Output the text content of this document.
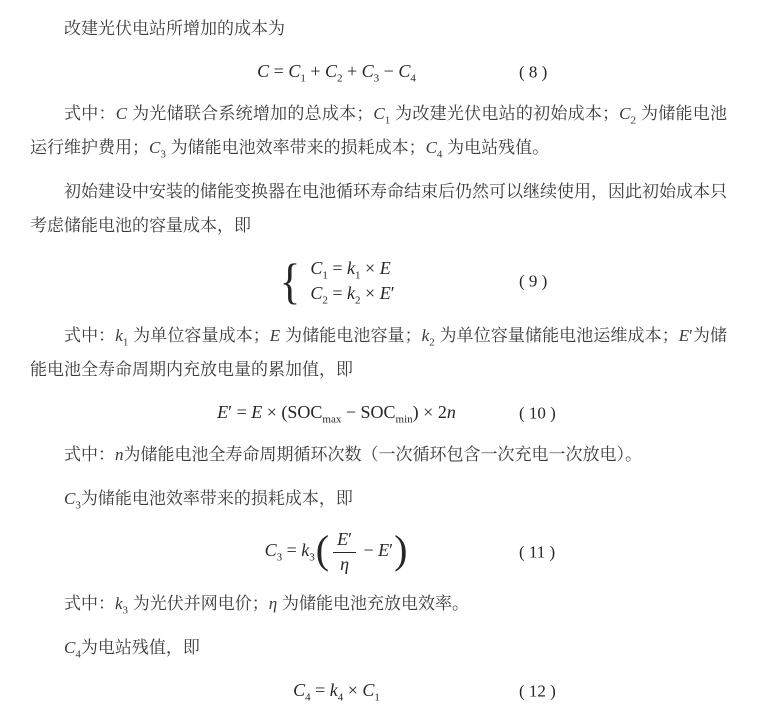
改建光伏电站所增加的成本为

$C = C_1 + C_2 + C_3 - C_4$	( 8 )

式中：C 为光储联合系统增加的总成本；$C_1$ 为改建光伏电站的初始成本；$C_2$ 为储能电池运行维护费用；$C_3$ 为储能电池效率带来的损耗成本；$C_4$ 为电站残值。

初始建设中安装的储能变换器在电池循环寿命结束后仍然可以继续使用，因此初始成本只考虑储能电池的容量成本，即

{ $C_1 = k_1 \times E$
$C_2 = k_2 \times E'$
( 9 )

式中：$k_1$ 为单位容量成本；E 为储能电池容量；$k_2$ 为单位容量储能电池运维成本；E′为储能电池全寿命周期内充放电量的累加值，即

$E' = E \times (SOC_{max} - SOC_{min}) \times 2n$	( 10 )

式中：n为储能电池全寿命周期循环次数（一次循环包含一次充电一次放电）。

$C_3$为储能电池效率带来的损耗成本，即

$C_3 = k_3( \frac{E'}{\eta} - E')$	( 11 )

式中：$k_3$ 为光伏并网电价；η 为储能电池充放电效率。

$C_4$为电站残值，即

$C_4 = k_4 \times C_1$	( 12 )
